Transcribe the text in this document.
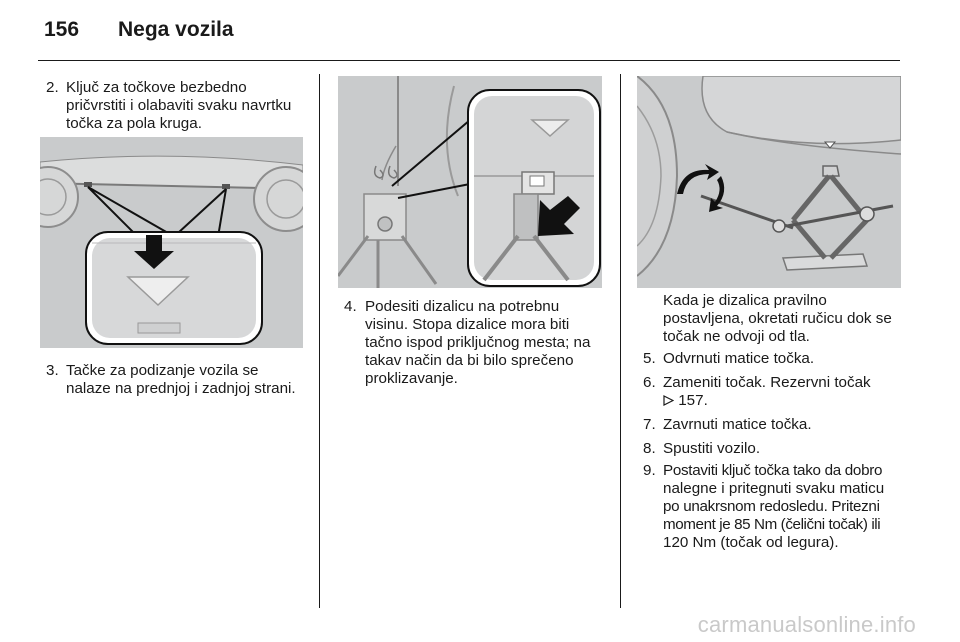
156 Nega vozila
2. Ključ za točkove bezbedno
pričvrstiti i olabaviti svaku navrtku
točka za pola kruga.
3. Tačke za podizanje vozila se
nalaze na prednjoj i zadnjoj strani.
4. Podesiti dizalicu na potrebnu
visinu. Stopa dizalice mora biti
tačno ispod priključnog mesta; na
takav način da bi bilo sprečeno
proklizavanje.
Kada je dizalica pravilno
postavljena, okretati ručicu dok se
točak ne odvoji od tla.
5. Odvrnuti matice točka.
6. Zameniti točak. Rezervni točak
157.
7. Zavrnuti matice točka.
8. Spustiti vozilo.
9. Postaviti ključ točka tako da dobro
nalegne i pritegnuti svaku maticu
po unakrsnom redosledu. Pritezni
moment je 85 Nm (čelični točak) ili
120 Nm (točak od legura).
carmanualsonline.info
